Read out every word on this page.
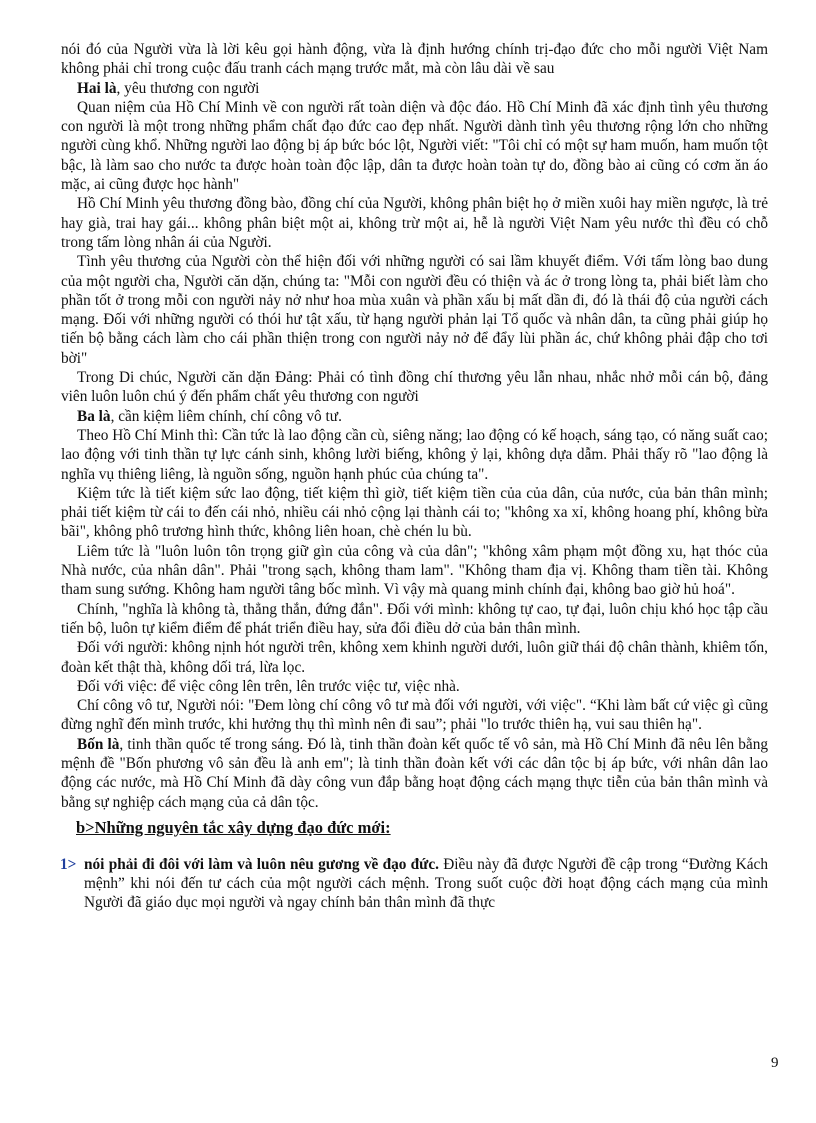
nói đó của Người vừa là lời kêu gọi hành động, vừa là định hướng chính trị-đạo đức cho mỗi người Việt Nam không phải chỉ trong cuộc đấu tranh cách mạng trước mắt, mà còn lâu dài về sau

Hai là, yêu thương con người

Quan niệm của Hồ Chí Minh về con người rất toàn diện và độc đáo. Hồ Chí Minh đã xác định tình yêu thương con người là một trong những phẩm chất đạo đức cao đẹp nhất. Người dành tình yêu thương rộng lớn cho những người cùng khổ. Những người lao động bị áp bức bóc lột, Người viết: "Tôi chỉ có một sự ham muốn, ham muốn tột bậc, là làm sao cho nước ta được hoàn toàn độc lập, dân ta được hoàn toàn tự do, đồng bào ai cũng có cơm ăn áo mặc, ai cũng được học hành"

Hồ Chí Minh yêu thương đồng bào, đồng chí của Người, không phân biệt họ ở miền xuôi hay miền ngược, là trẻ hay già, trai hay gái... không phân biệt một ai, không trừ một ai, hễ là người Việt Nam yêu nước thì đều có chỗ trong tấm lòng nhân ái của Người.

Tình yêu thương của Người còn thể hiện đối với những người có sai lầm khuyết điểm. Với tấm lòng bao dung của một người cha, Người căn dặn, chúng ta: "Mỗi con người đều có thiện và ác ở trong lòng ta, phải biết làm cho phần tốt ở trong mỗi con người nảy nở như hoa mùa xuân và phần xấu bị mất dần đi, đó là thái độ của người cách mạng. Đối với những người có thói hư tật xấu, từ hạng người phản lại Tổ quốc và nhân dân, ta cũng phải giúp họ tiến bộ bằng cách làm cho cái phần thiện trong con người nảy nở để đẩy lùi phần ác, chứ không phải đập cho tơi bời"

Trong Di chúc, Người căn dặn Đảng: Phải có tình đồng chí thương yêu lẫn nhau, nhắc nhở mỗi cán bộ, đảng viên luôn luôn chú ý đến phẩm chất yêu thương con người

Ba là, cần kiệm liêm chính, chí công vô tư.

Theo Hồ Chí Minh thì: Cần tức là lao động cần cù, siêng năng; lao động có kế hoạch, sáng tạo, có năng suất cao; lao động với tinh thần tự lực cánh sinh, không lười biếng, không ỷ lại, không dựa dẫm. Phải thấy rõ "lao động là nghĩa vụ thiêng liêng, là nguồn sống, nguồn hạnh phúc của chúng ta".

Kiệm tức là tiết kiệm sức lao động, tiết kiệm thì giờ, tiết kiệm tiền của của dân, của nước, của bản thân mình; phải tiết kiệm từ cái to đến cái nhỏ, nhiều cái nhỏ cộng lại thành cái to; "không xa xỉ, không hoang phí, không bừa bãi", không phô trương hình thức, không liên hoan, chè chén lu bù.

Liêm tức là "luôn luôn tôn trọng giữ gìn của công và của dân"; "không xâm phạm một đồng xu, hạt thóc của Nhà nước, của nhân dân". Phải "trong sạch, không tham lam". "Không tham địa vị. Không tham tiền tài. Không tham sung sướng. Không ham người tâng bốc mình. Vì vậy mà quang minh chính đại, không bao giờ hủ hoá".

Chính, "nghĩa là không tà, thẳng thắn, đứng đắn". Đối với mình: không tự cao, tự đại, luôn chịu khó học tập cầu tiến bộ, luôn tự kiểm điểm để phát triển điều hay, sửa đổi điều dở của bản thân mình.

Đối với người: không nịnh hót người trên, không xem khinh người dưới, luôn giữ thái độ chân thành, khiêm tốn, đoàn kết thật thà, không dối trá, lừa lọc.

Đối với việc: để việc công lên trên, lên trước việc tư, việc nhà.

Chí công vô tư, Người nói: "Đem lòng chí công vô tư mà đối với người, với việc". “Khi làm bất cứ việc gì cũng đừng nghĩ đến mình trước, khi hưởng thụ thì mình nên đi sau”; phải "lo trước thiên hạ, vui sau thiên hạ".

Bốn là, tinh thần quốc tế trong sáng. Đó là, tinh thần đoàn kết quốc tế vô sản, mà Hồ Chí Minh đã nêu lên bằng mệnh đề "Bốn phương vô sản đều là anh em"; là tinh thần đoàn kết với các dân tộc bị áp bức, với nhân dân lao động các nước, mà Hồ Chí Minh đã dày công vun đắp bằng hoạt động cách mạng thực tiễn của bản thân mình và bằng sự nghiệp cách mạng của cả dân tộc.

b>Những nguyên tắc xây dựng đạo đức mới:

1> nói phải đi đôi với làm và luôn nêu gương về đạo đức. Điều này đã được Người đề cập trong “Đường Kách mệnh” khi nói đến tư cách của một người cách mệnh. Trong suốt cuộc đời hoạt động cách mạng của mình Người đã giáo dục mọi người và ngay chính bản thân mình đã thực

9
